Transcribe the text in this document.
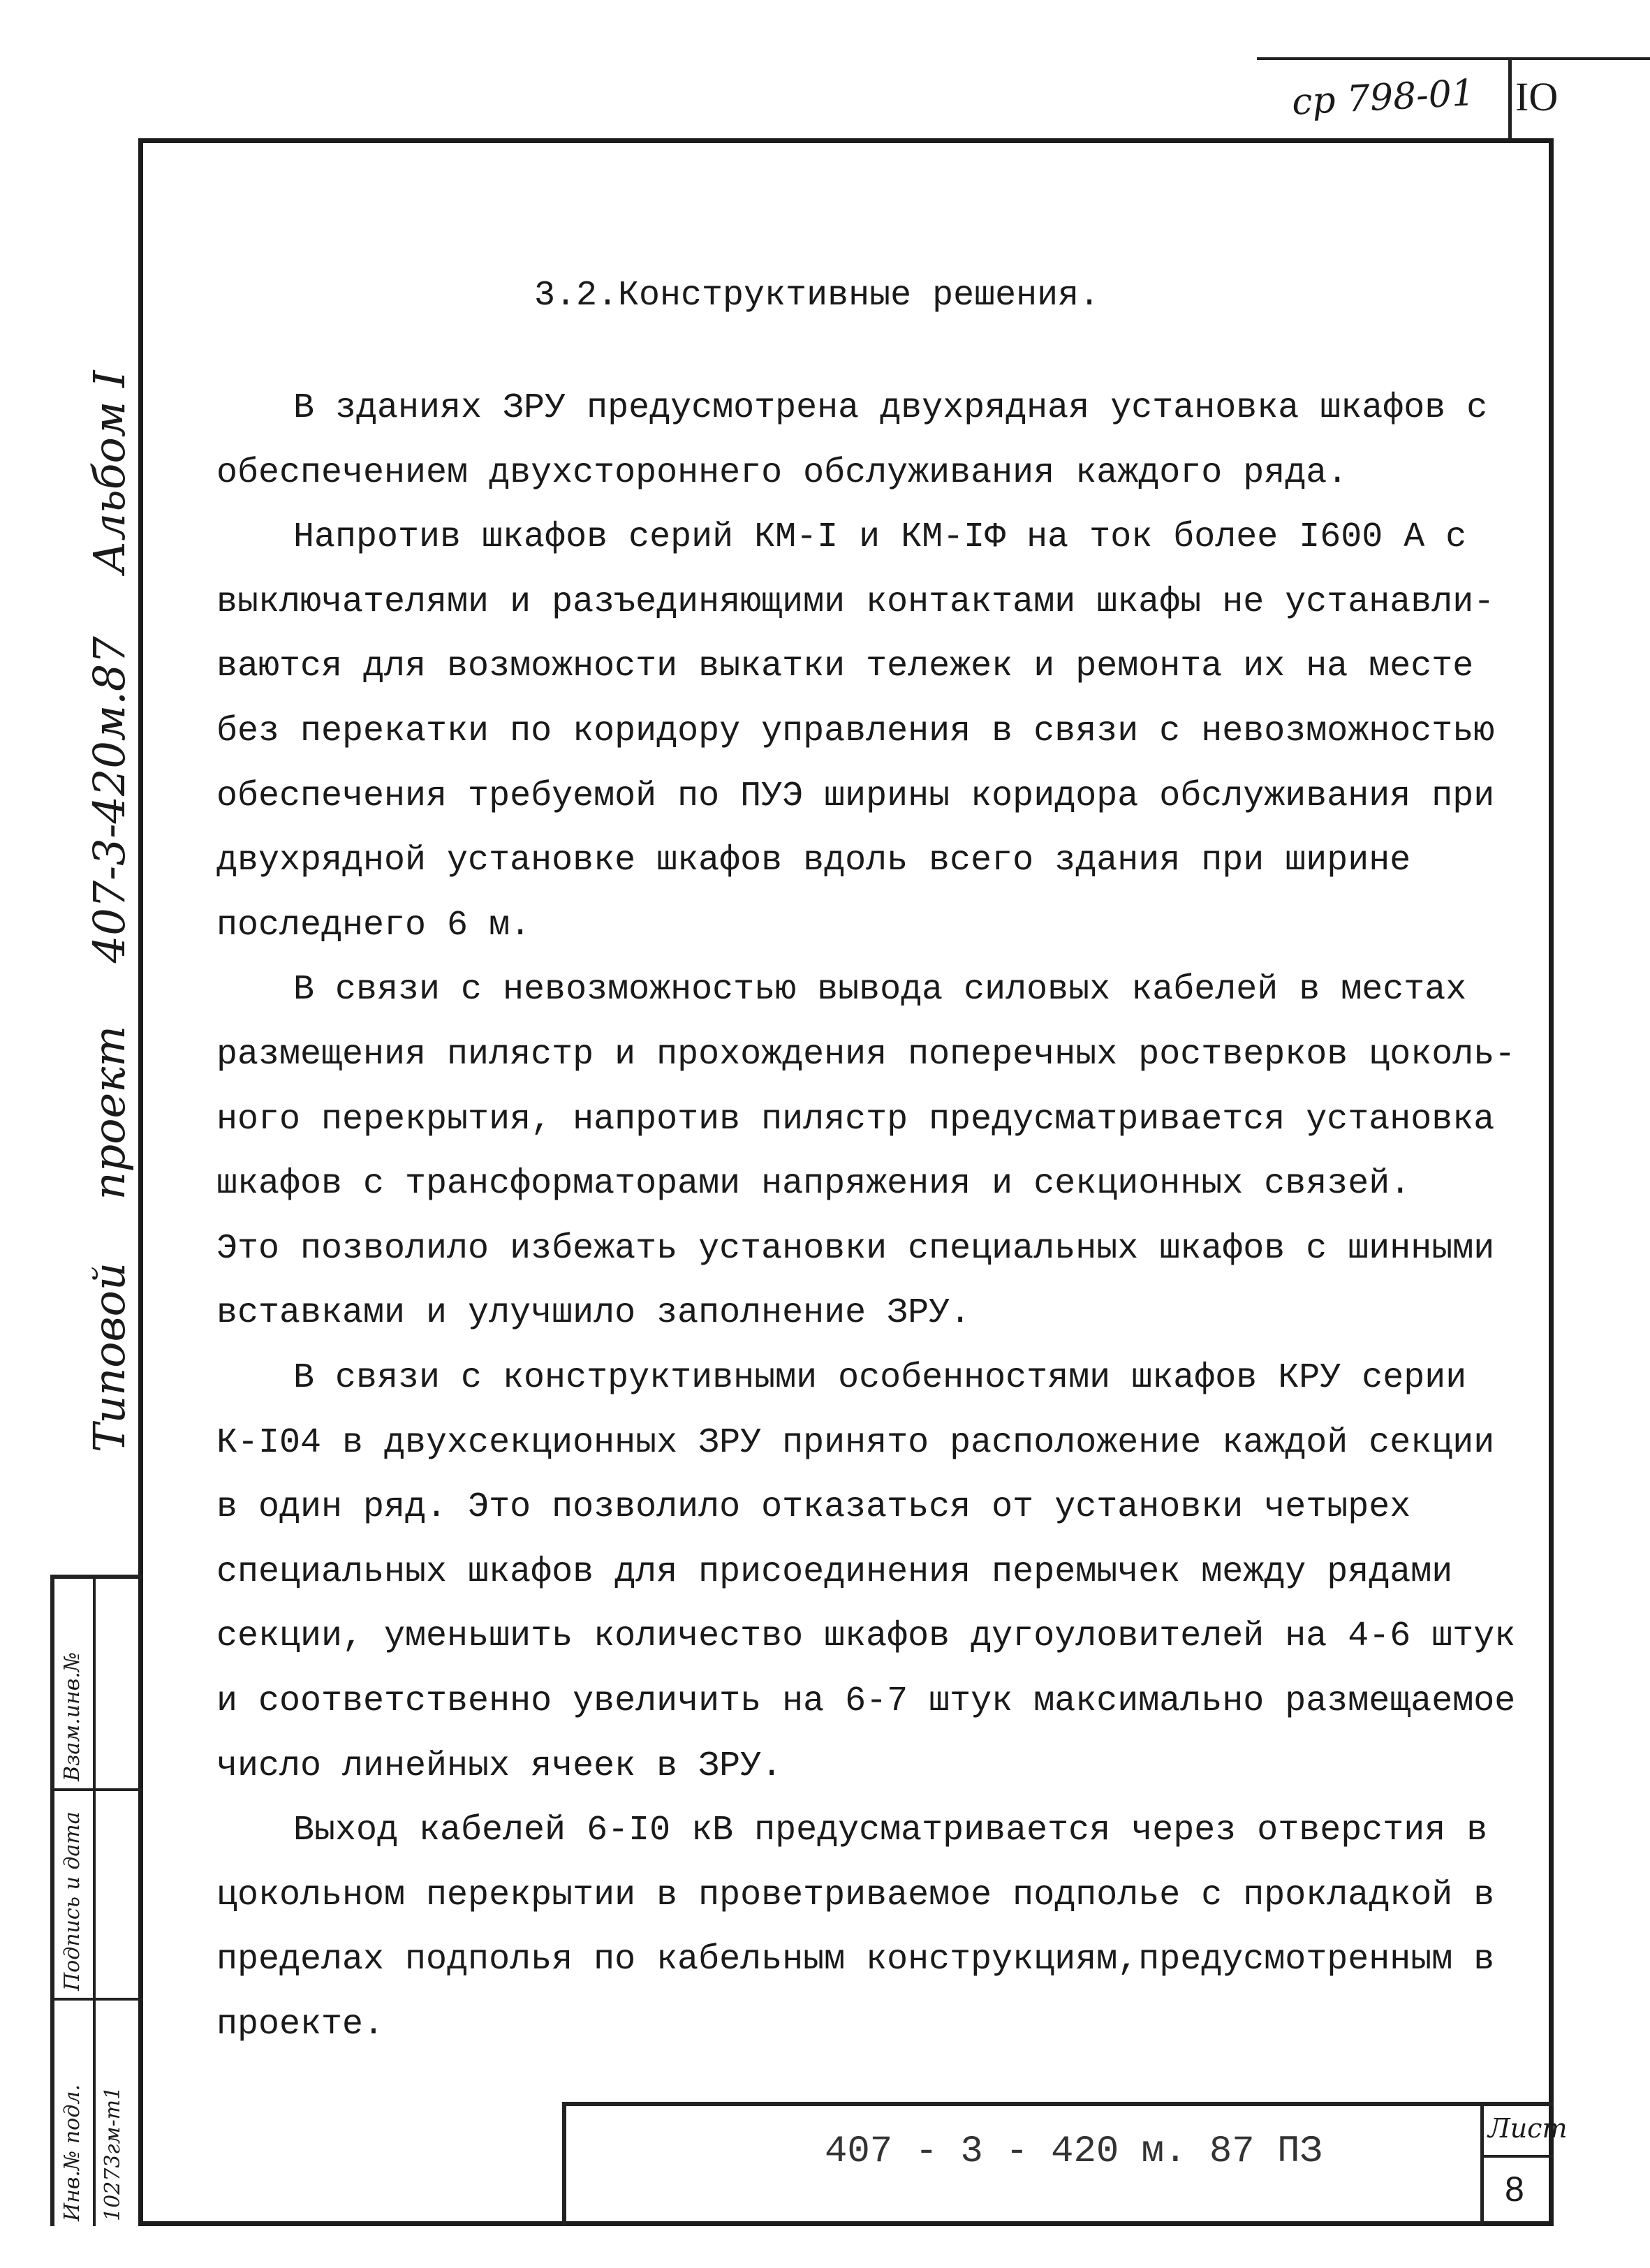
ср 798-01 IO
3.2.Конструктивные решения.
В зданиях ЗРУ предусмотрена двухрядная установка шкафов с
обеспечением двухстороннего обслуживания каждого ряда.
Напротив шкафов серий КМ-I и КМ-IФ на ток более I600 А с
выключателями и разъединяющими контактами шкафы не устанавли-
ваются для возможности выкатки тележек и ремонта их на месте
без перекатки по коридору управления в связи с невозможностью
обеспечения требуемой по ПУЭ ширины коридора обслуживания при
двухрядной установке шкафов вдоль всего здания при ширине
последнего 6 м.
В связи с невозможностью вывода силовых кабелей в местах
размещения пилястр и прохождения поперечных ростверков цоколь-
ного перекрытия, напротив пилястр предусматривается установка
шкафов с трансформаторами напряжения и секционных связей.
Это позволило избежать установки специальных шкафов с шинными
вставками и улучшило заполнение ЗРУ.
В связи с конструктивными особенностями шкафов КРУ серии
К-I04 в двухсекционных ЗРУ принято расположение каждой секции
в один ряд. Это позволило отказаться от установки четырех
специальных шкафов для присоединения перемычек между рядами
секции, уменьшить количество шкафов дугоуловителей на 4-6 штук
и соответственно увеличить на 6-7 штук максимально размещаемое
число линейных ячеек в ЗРУ.
Выход кабелей 6-I0 кВ предусматривается через отверстия в
цокольном перекрытии в проветриваемое подполье с прокладкой в
пределах подполья по кабельным конструкциям,предусмотренным в
проекте.
Типовой проект 407-3-420м.87 Альбом I
Взам.инв.№
Подпись и дата
Инв.№ подл. 10273гм-т1	407 - 3 - 420 м. 87 ПЗ
Лист
8
